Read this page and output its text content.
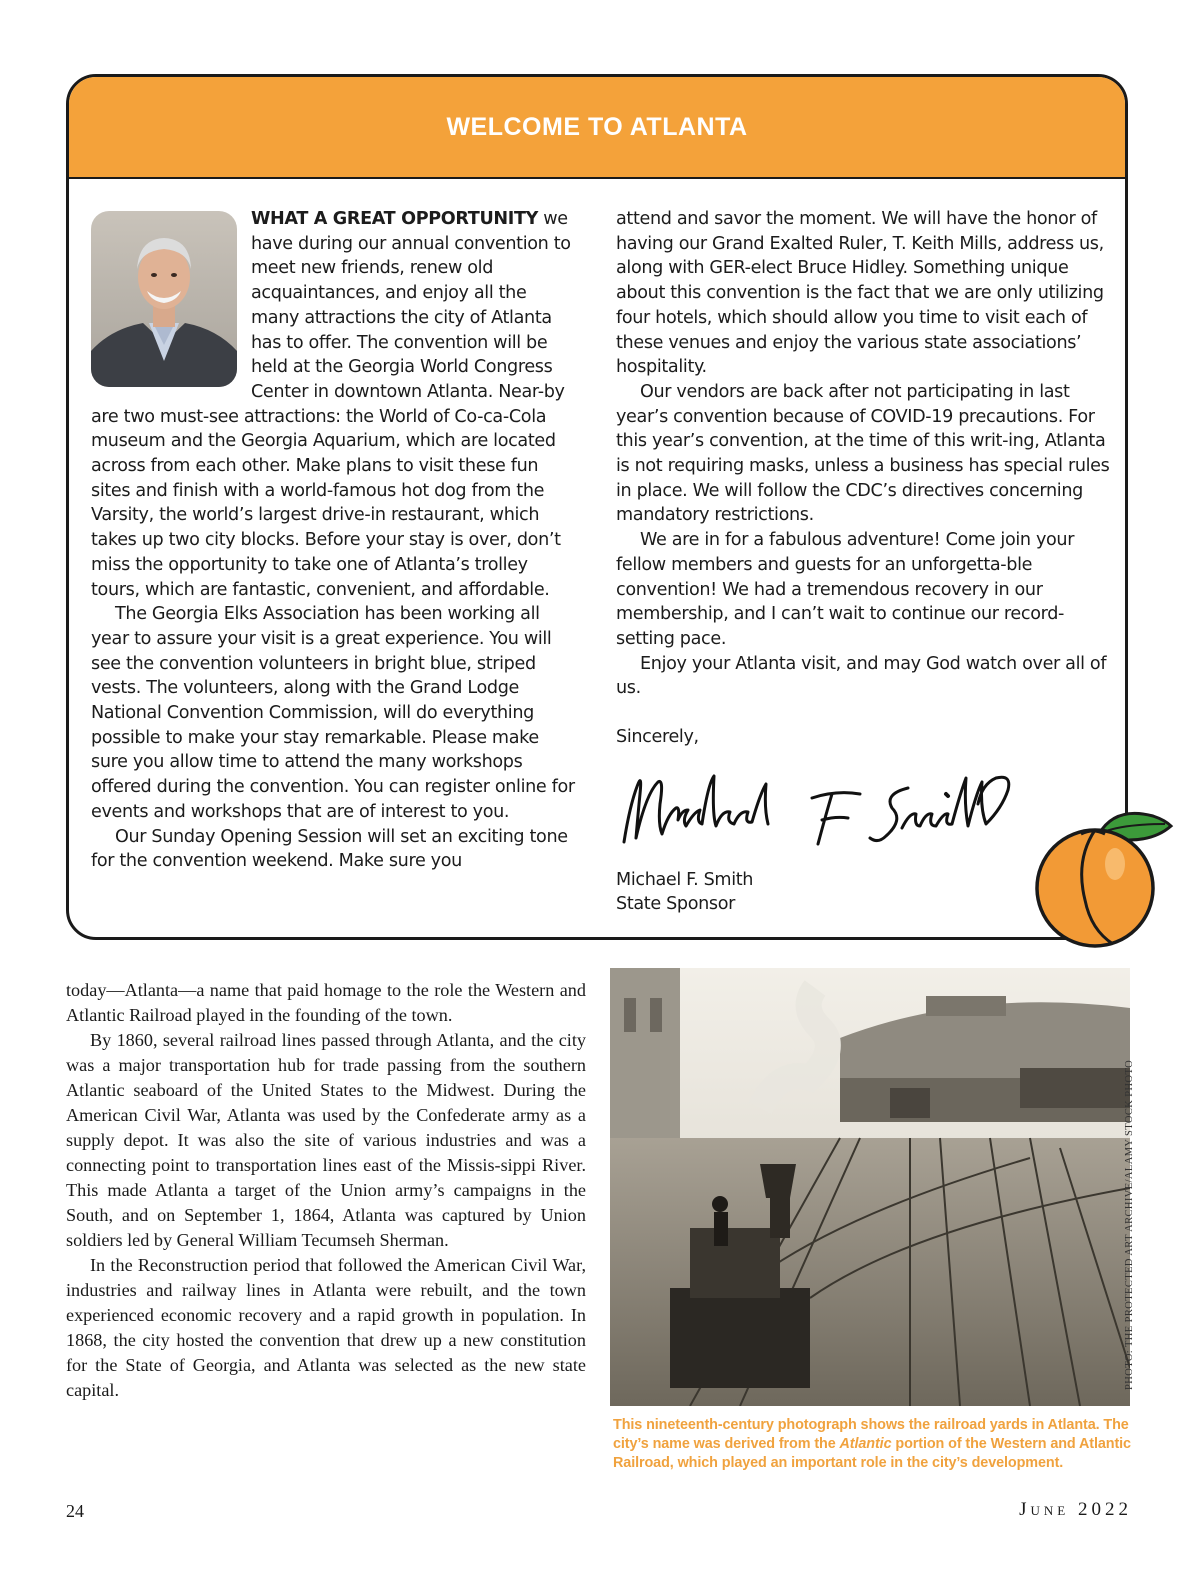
WELCOME TO ATLANTA

WHAT A GREAT OPPORTUNITY we have during our annual convention to meet new friends, renew old acquaintances, and enjoy all the many attractions the city of Atlanta has to offer. The convention will be held at the Georgia World Congress Center in downtown Atlanta. Near-by are two must-see attractions: the World of Co-ca-Cola museum and the Georgia Aquarium, which are located across from each other. Make plans to visit these fun sites and finish with a world-famous hot dog from the Varsity, the world’s largest drive-in restaurant, which takes up two city blocks. Before your stay is over, don’t miss the opportunity to take one of Atlanta’s trolley tours, which are fantastic, convenient, and affordable.

The Georgia Elks Association has been working all year to assure your visit is a great experience. You will see the convention volunteers in bright blue, striped vests. The volunteers, along with the Grand Lodge National Convention Commission, will do everything possible to make your stay remarkable. Please make sure you allow time to attend the many workshops offered during the convention. You can register online for events and workshops that are of interest to you.

Our Sunday Opening Session will set an exciting tone for the convention weekend. Make sure you

attend and savor the moment. We will have the honor of having our Grand Exalted Ruler, T. Keith Mills, address us, along with GER-elect Bruce Hidley. Something unique about this convention is the fact that we are only utilizing four hotels, which should allow you time to visit each of these venues and enjoy the various state associations’ hospitality.

Our vendors are back after not participating in last year’s convention because of COVID-19 precautions. For this year’s convention, at the time of this writ-ing, Atlanta is not requiring masks, unless a business has special rules in place. We will follow the CDC’s directives concerning mandatory restrictions.

We are in for a fabulous adventure! Come join your fellow members and guests for an unforgetta-ble convention! We had a tremendous recovery in our membership, and I can’t wait to continue our record-setting pace.

Enjoy your Atlanta visit, and may God watch over all of us.

Sincerely,

Michael F. Smith

State Sponsor

today—Atlanta—a name that paid homage to the role the Western and Atlantic Railroad played in the founding of the town.

By 1860, several railroad lines passed through Atlanta, and the city was a major transportation hub for trade passing from the southern Atlantic seaboard of the United States to the Midwest. During the American Civil War, Atlanta was used by the Confederate army as a supply depot. It was also the site of various industries and was a connecting point to transportation lines east of the Missis-sippi River. This made Atlanta a target of the Union army’s campaigns in the South, and on September 1, 1864, Atlanta was captured by Union soldiers led by General William Tecumseh Sherman.

In the Reconstruction period that followed the American Civil War, industries and railway lines in Atlanta were rebuilt, and the town experienced economic recovery and a rapid growth in population. In 1868, the city hosted the convention that drew up a new constitution for the State of Georgia, and Atlanta was selected as the new state capital.	PHOTO: THE PROTECTED ART ARCHIVE/ALAMY STOCK PHOTO
This nineteenth-century photograph shows the railroad yards in Atlanta. The city’s name was derived from the Atlantic portion of the Western and Atlantic Railroad, which played an important role in the city’s development.
24	June 2022
